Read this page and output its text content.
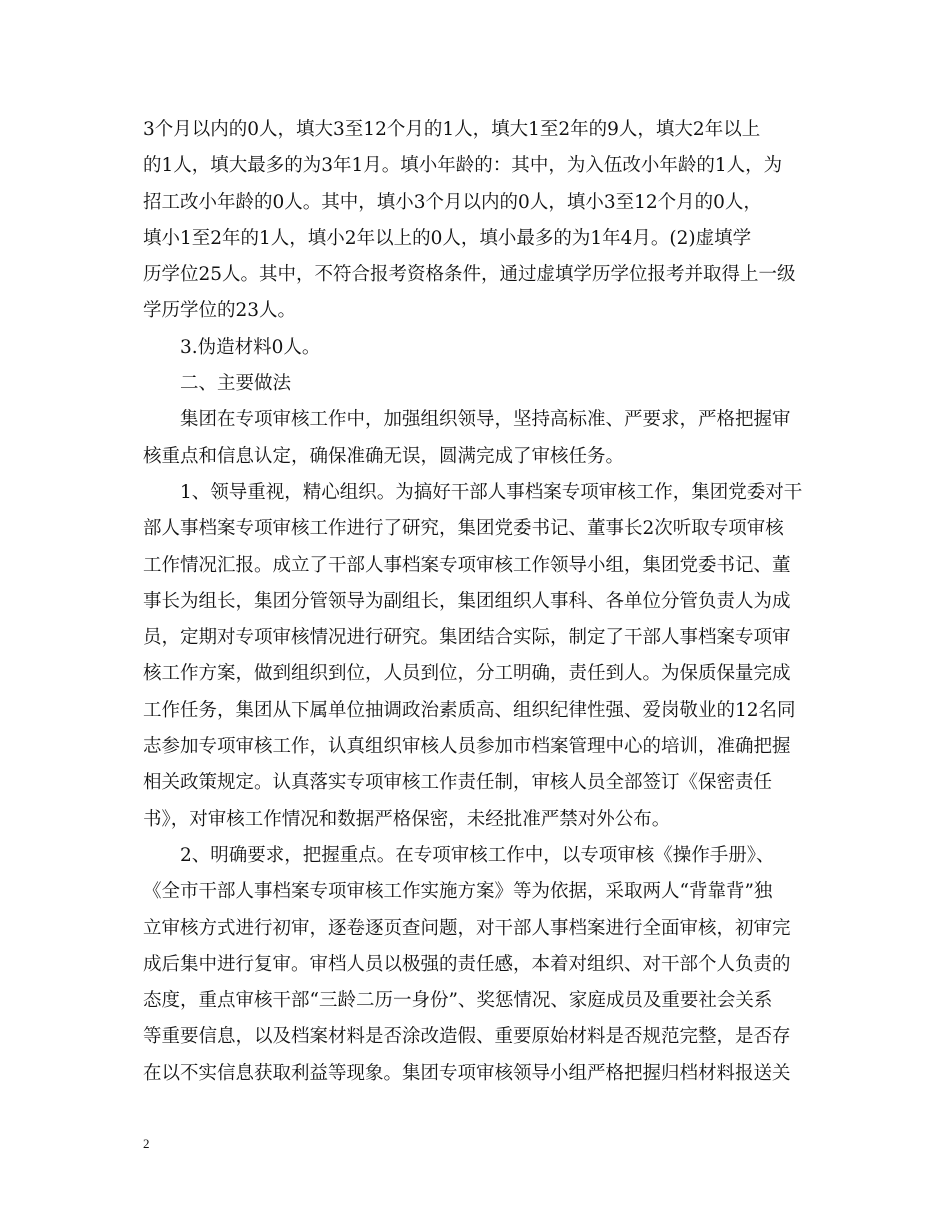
3个月以内的0人，填大3至12个月的1人，填大1至2年的9人，填大2年以上
的1人，填大最多的为3年1月。填小年龄的：其中，为入伍改小年龄的1人，为
招工改小年龄的0人。其中，填小3个月以内的0人，填小3至12个月的0人，
填小1至2年的1人，填小2年以上的0人，填小最多的为1年4月。(2)虚填学
历学位25人。其中，不符合报考资格条件，通过虚填学历学位报考并取得上一级
学历学位的23人。
3.伪造材料0人。
二、主要做法
集团在专项审核工作中，加强组织领导，坚持高标准、严要求，严格把握审
核重点和信息认定，确保准确无误，圆满完成了审核任务。
1、领导重视，精心组织。为搞好干部人事档案专项审核工作，集团党委对干
部人事档案专项审核工作进行了研究，集团党委书记、董事长2次听取专项审核
工作情况汇报。成立了干部人事档案专项审核工作领导小组，集团党委书记、董
事长为组长，集团分管领导为副组长，集团组织人事科、各单位分管负责人为成
员，定期对专项审核情况进行研究。集团结合实际，制定了干部人事档案专项审
核工作方案，做到组织到位，人员到位，分工明确，责任到人。为保质保量完成
工作任务，集团从下属单位抽调政治素质高、组织纪律性强、爱岗敬业的12名同
志参加专项审核工作，认真组织审核人员参加市档案管理中心的培训，准确把握
相关政策规定。认真落实专项审核工作责任制，审核人员全部签订《保密责任
书》，对审核工作情况和数据严格保密，未经批准严禁对外公布。
2、明确要求，把握重点。在专项审核工作中，以专项审核《操作手册》、
《全市干部人事档案专项审核工作实施方案》等为依据，采取两人“背靠背”独
立审核方式进行初审，逐卷逐页查问题，对干部人事档案进行全面审核，初审完
成后集中进行复审。审档人员以极强的责任感，本着对组织、对干部个人负责的
态度，重点审核干部“三龄二历一身份”、奖惩情况、家庭成员及重要社会关系
等重要信息，以及档案材料是否涂改造假、重要原始材料是否规范完整，是否存
在以不实信息获取利益等现象。集团专项审核领导小组严格把握归档材料报送关
2
